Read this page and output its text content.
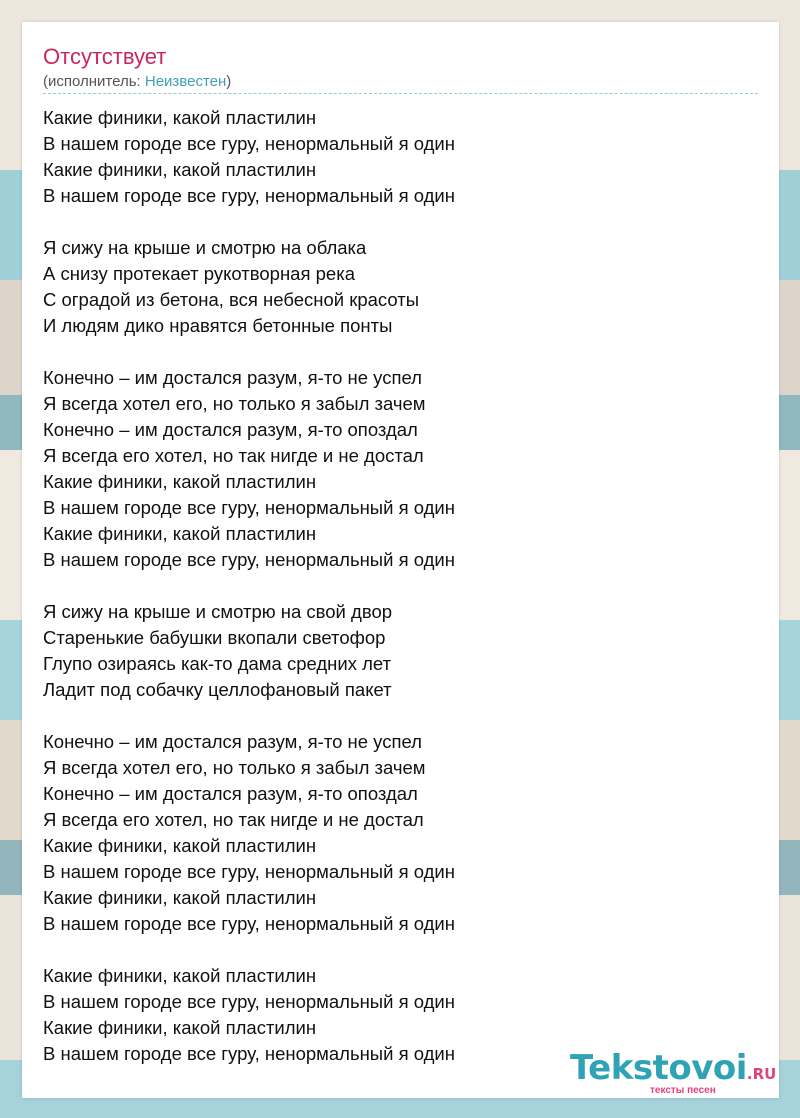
Отсутствует
(исполнитель: Неизвестен)
Какие финики, какой пластилин
В нашем городе все гуру, ненормальный я один
Какие финики, какой пластилин
В нашем городе все гуру, ненормальный я один
Я сижу на крыше и смотрю на облака
А снизу протекает рукотворная река
С оградой из бетона, вся небесной красоты
И людям дико нравятся бетонные понты
Конечно – им достался разум, я-то не успел
Я всегда хотел его, но только я забыл зачем
Конечно – им достался разум, я-то опоздал
Я всегда его хотел, но так нигде и не достал
Какие финики, какой пластилин
В нашем городе все гуру, ненормальный я один
Какие финики, какой пластилин
В нашем городе все гуру, ненормальный я один
Я сижу на крыше и смотрю на свой двор
Старенькие бабушки вкопали светофор
Глупо озираясь как-то дама средних лет
Ладит под собачку целлофановый пакет
Конечно – им достался разум, я-то не успел
Я всегда хотел его, но только я забыл зачем
Конечно – им достался разум, я-то опоздал
Я всегда его хотел, но так нигде и не достал
Какие финики, какой пластилин
В нашем городе все гуру, ненормальный я один
Какие финики, какой пластилин
В нашем городе все гуру, ненормальный я один
Какие финики, какой пластилин
В нашем городе все гуру, ненормальный я один
Какие финики, какой пластилин
В нашем городе все гуру, ненормальный я один	Tekstovoi.RU
тексты песен
